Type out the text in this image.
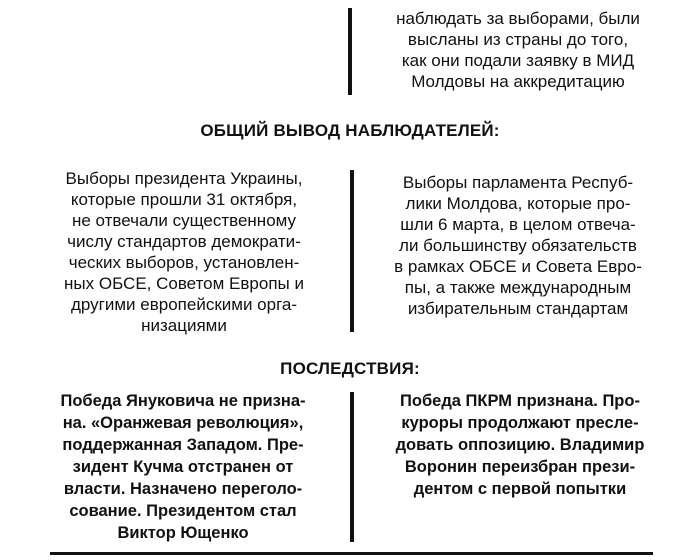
наблюдать за выборами, были
высланы из страны до того,
как они подали заявку в МИД
Молдовы на аккредитацию
ОБЩИЙ ВЫВОД НАБЛЮДАТЕЛЕЙ:
Выборы президента Украины,
которые прошли 31 октября,
не отвечали существенному
числу стандартов демократи-
ческих выборов, установлен-
ных ОБСЕ, Советом Европы и
другими европейскими орга-
низациями
Выборы парламента Респуб-
лики Молдова, которые про-
шли 6 марта, в целом отвеча-
ли большинству обязательств
в рамках ОБСЕ и Совета Евро-
пы, а также международным
избирательным стандартам
ПОСЛЕДСТВИЯ:
Победа Януковича не призна-
на. «Оранжевая революция»,
поддержанная Западом. Пре-
зидент Кучма отстранен от
власти. Назначено переголо-
сование. Президентом стал
Виктор Ющенко
Победа ПКРМ признана. Про-
куроры продолжают пресле-
довать оппозицию. Владимир
Воронин переизбран прези-
дентом с первой попытки
